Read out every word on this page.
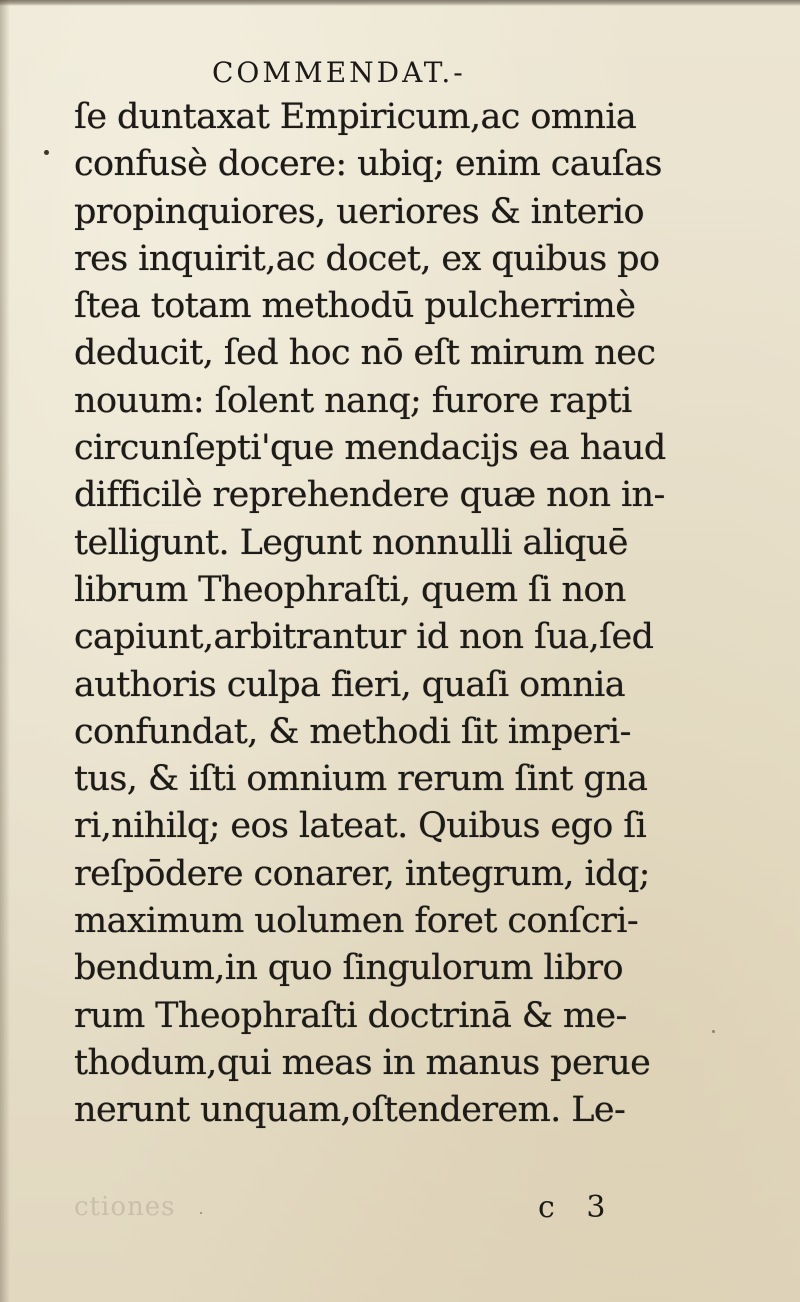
COMMENDAT.-
ſe duntaxat Empiricum,ac omnia
confusè docere: ubiq; enim cauſas
propinquiores, ueriores & interio
res inquirit,ac docet, ex quibus po
ſtea totam methodū pulcherrimè
deducit, ſed hoc nō eſt mirum nec
nouum: ſolent nanq; furore rapti
circunſepti'que mendacijs ea haud
difficilè reprehendere quæ non in-
telligunt. Legunt nonnulli aliquē
librum Theophraſti, quem ſi non
capiunt,arbitrantur id non ſua,ſed
authoris culpa fieri, quaſi omnia
confundat, & methodi ſit imperi-
tus, & iſti omnium rerum ſint gna
ri,nihilq; eos lateat. Quibus ego ſi
reſpōdere conarer, integrum, idq;
maximum uolumen foret conſcri-
bendum,in quo ſingulorum libro
rum Theophraſti doctrinā & me-
thodum,qui meas in manus perue
nerunt unquam,oſtenderem. Le-
ctiones	c 3
